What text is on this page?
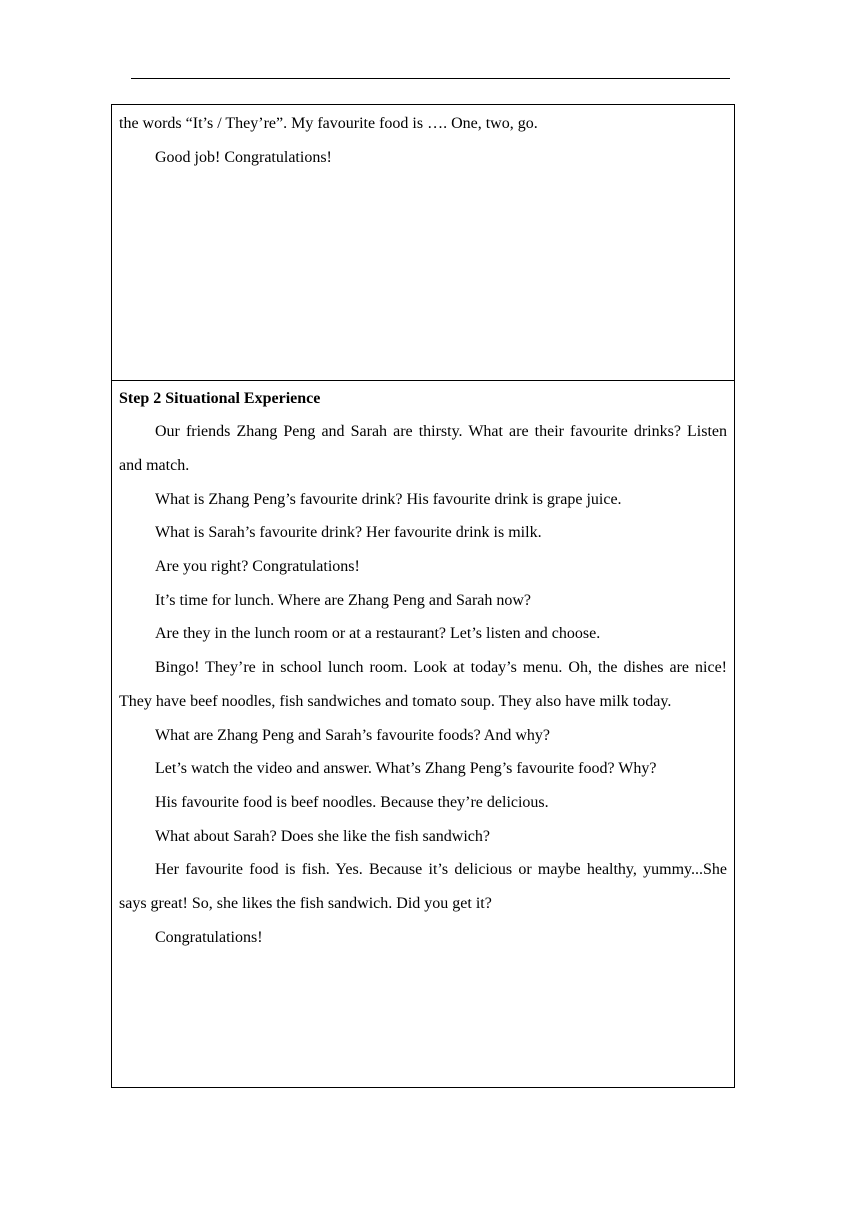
the words “It’s / They’re”. My favourite food is …. One, two, go.

Good job! Congratulations!

Step 2 Situational Experience

Our friends Zhang Peng and Sarah are thirsty. What are their favourite drinks? Listen and match.

What is Zhang Peng’s favourite drink? His favourite drink is grape juice.

What is Sarah’s favourite drink? Her favourite drink is milk.

Are you right? Congratulations!

It’s time for lunch. Where are Zhang Peng and Sarah now?

Are they in the lunch room or at a restaurant? Let’s listen and choose.

Bingo! They’re in school lunch room. Look at today’s menu. Oh, the dishes are nice! They have beef noodles, fish sandwiches and tomato soup. They also have milk today.

What are Zhang Peng and Sarah’s favourite foods? And why?

Let’s watch the video and answer. What’s Zhang Peng’s favourite food? Why?

His favourite food is beef noodles. Because they’re delicious.

What about Sarah? Does she like the fish sandwich?

Her favourite food is fish. Yes. Because it’s delicious or maybe healthy, yummy...She says great! So, she likes the fish sandwich. Did you get it?

Congratulations!
